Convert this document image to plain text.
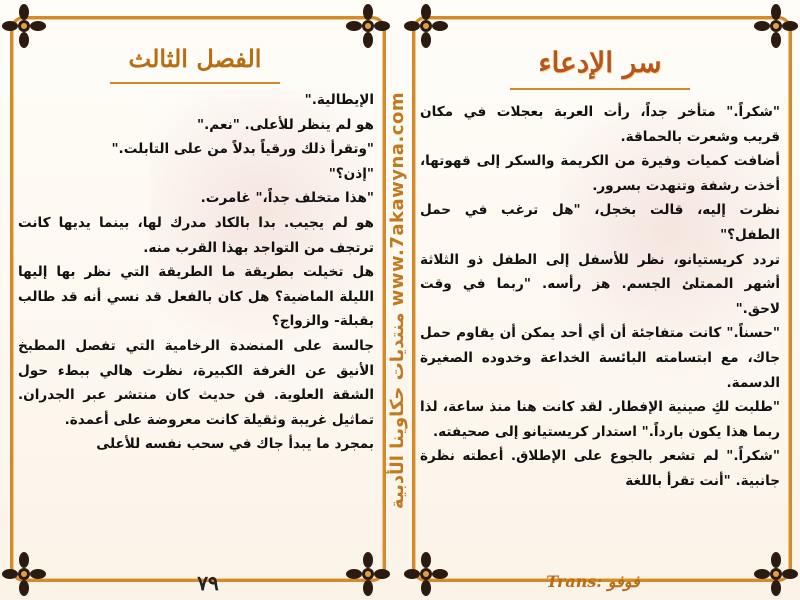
الفصل الثالث	سر الإدعاء
منتديات حكاوينا الأدبية www.7akawyna.com

الإيطالية."

هو لم ينظر للأعلى. "نعم."

"وتقرأ ذلك ورقياً بدلاً من على التابلت."

"إذن؟"

"هذا متخلف جداً،" غامرت.

هو لم يجيب. بدا بالكاد مدرك لها، بينما يديها كانت ترتجف من التواجد بهذا القرب منه.

هل تخيلت بطريقة ما الطريقة التي نظر بها إليها الليلة الماضية؟ هل كان بالفعل قد نسي أنه قد طالب بقبلة- والزواج؟

جالسة على المنضدة الرخامية التي تفصل المطبخ الأنيق عن الغرفة الكبيرة، نظرت هالي ببطء حول الشقة العلوية. فن حديث كان منتشر عبر الجدران. تماثيل غريبة وثقيلة كانت معروضة على أعمدة.

بمجرد ما يبدأ جاك في سحب نفسه للأعلى

"شكراً." متأخر جداً، رأت العربة بعجلات في مكان قريب وشعرت بالحماقة.

أضافت كميات وفيرة من الكريمة والسكر إلى قهوتها، أخذت رشفة وتنهدت بسرور.

نظرت إليه، قالت بخجل، "هل ترغب في حمل الطفل؟"

تردد كريستيانو، نظر للأسفل إلى الطفل ذو الثلاثة أشهر الممتلئ الجسم. هز رأسه. "ربما في وقت لاحق."

"حسناً." كانت متفاجئة أن أي أحد يمكن أن يقاوم حمل جاك، مع ابتسامته البائسة الخداعة وخدوده الصغيرة الدسمة.

"طلبت لكِ صينية الإفطار. لقد كانت هنا منذ ساعة، لذا ربما هذا يكون بارداً." استدار كريستيانو إلى صحيفته.

"شكراً." لم تشعر بالجوع على الإطلاق. أعطته نظرة جانبية. "أنت تقرأ باللغة

٧٩	Trans: فوفو
